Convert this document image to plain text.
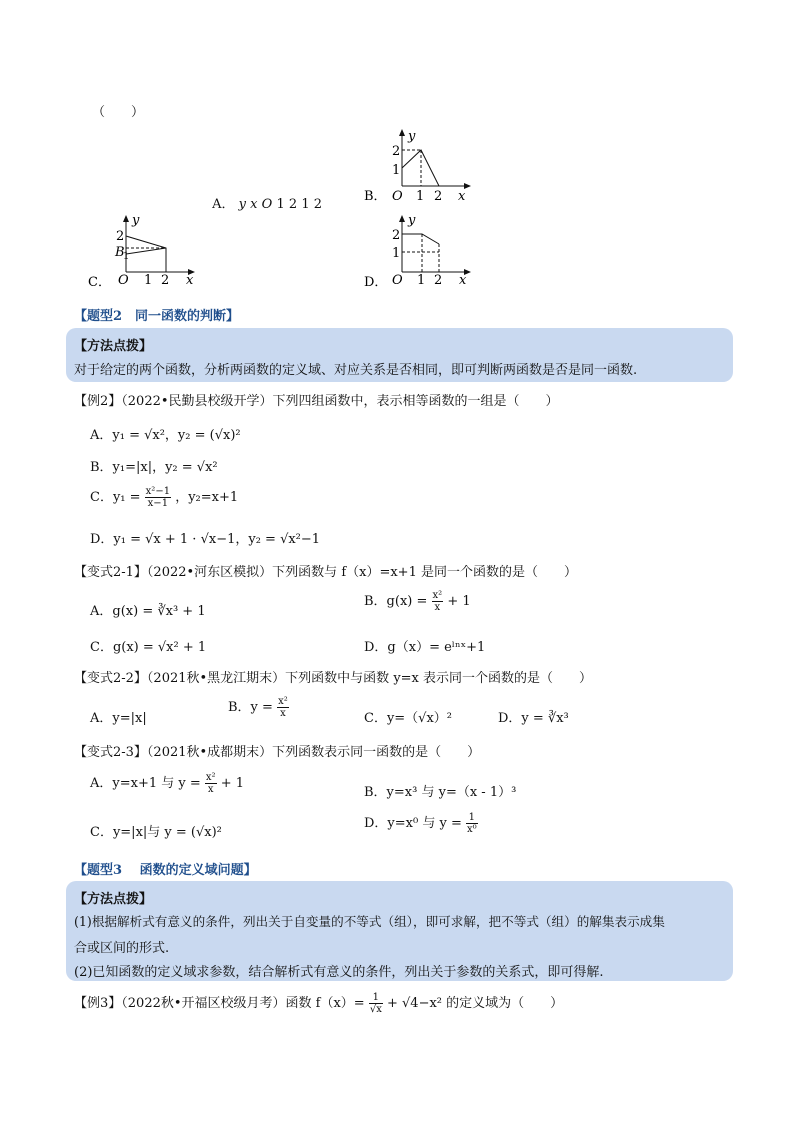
（　　）
A． y x O 1 2 1 2
B．
y
x
O 1 2
1
2
C．
y
x
O 1 2
B
1
2
D．
y
x
O 1 2
1
2
【题型2　同一函数的判断】
【方法点拨】
对于给定的两个函数，分析两函数的定义域、对应关系是否相同，即可判断两函数是否是同一函数.
【例2】（2022•民勤县校级开学）下列四组函数中，表示相等函数的一组是（　　）
A．y₁ = √x²，y₂ = (√x)²
B．y₁=|x|，y₂ = √x²
C．$y_1 = \frac{\text{x²−1}}{x-1}$ ，y₂=x+1
D．y₁ = √x + 1 · √x−1，y₂ = √x²−1
【变式2-1】（2022•河东区模拟）下列函数与 f（x）=x+1 是同一个函数的是（　　）
A．g(x) = ∛x³ + 1
B．$g(x) = \frac{\text{x²}}{x} + 1$
C．g(x) = √x² + 1	D．g（x）= eˡⁿˣ+1
【变式2-2】（2021秋•黑龙江期末）下列函数中与函数 y=x 表示同一个函数的是（　　）
A．y=|x|
B．$y = \frac{\text{x²}}{x}$	C．y=（√x）²	D．y = ∛x³
【变式2-3】（2021秋•成都期末）下列函数表示同一函数的是（　　）
A．y=x+1 与 $y = \frac{\text{x²}}{x} + 1$
B．y=x³ 与 y=（x - 1）³
C．y=|x|与 y = (√x)²
D．y=x⁰ 与 $y = \frac{1}{\text{x⁰}}$
【题型3　 函数的定义域问题】
【方法点拨】
(1)根据解析式有意义的条件，列出关于自变量的不等式（组），即可求解，把不等式（组）的解集表示成集
合或区间的形式.
(2)已知函数的定义域求参数，结合解析式有意义的条件，列出关于参数的关系式，即可得解.
【例3】（2022秋•开福区校级月考）函数 $f(x)= \frac{1}{√x} + √4-x^2$ 的定义域为（　　）
